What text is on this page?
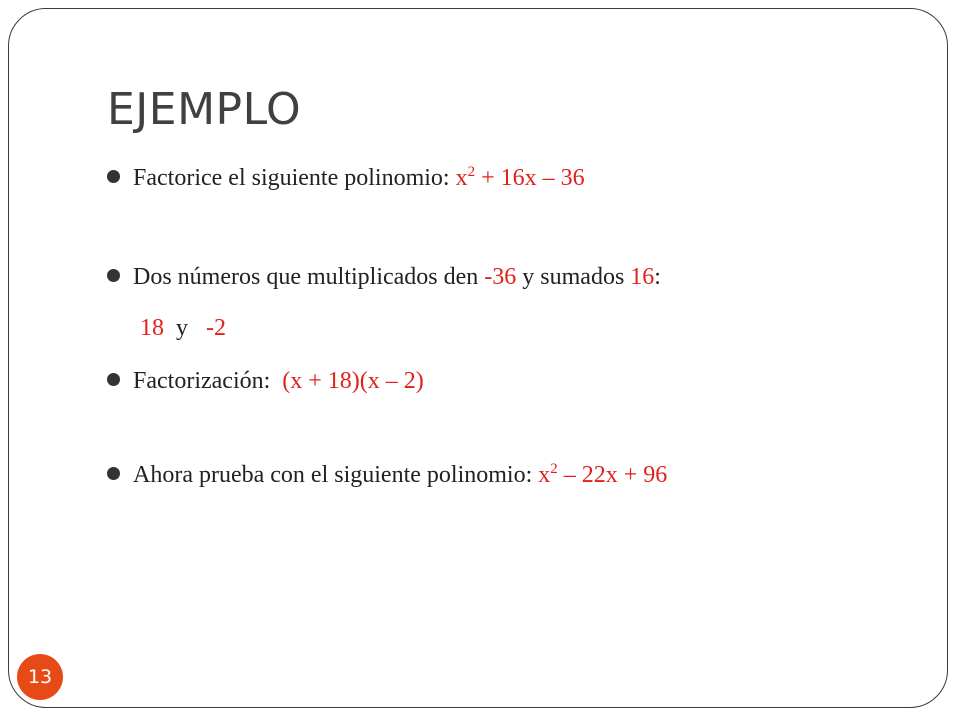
EJEMPLO
Factorice el siguiente polinomio: $x^2 + 16x - 36$
Dos números que multiplicados den -36 y sumados 16:
18 y -2
Factorización:  (x + 18)(x – 2)
Ahora prueba con el siguiente polinomio: $x^2 - 22x + 96$
13
